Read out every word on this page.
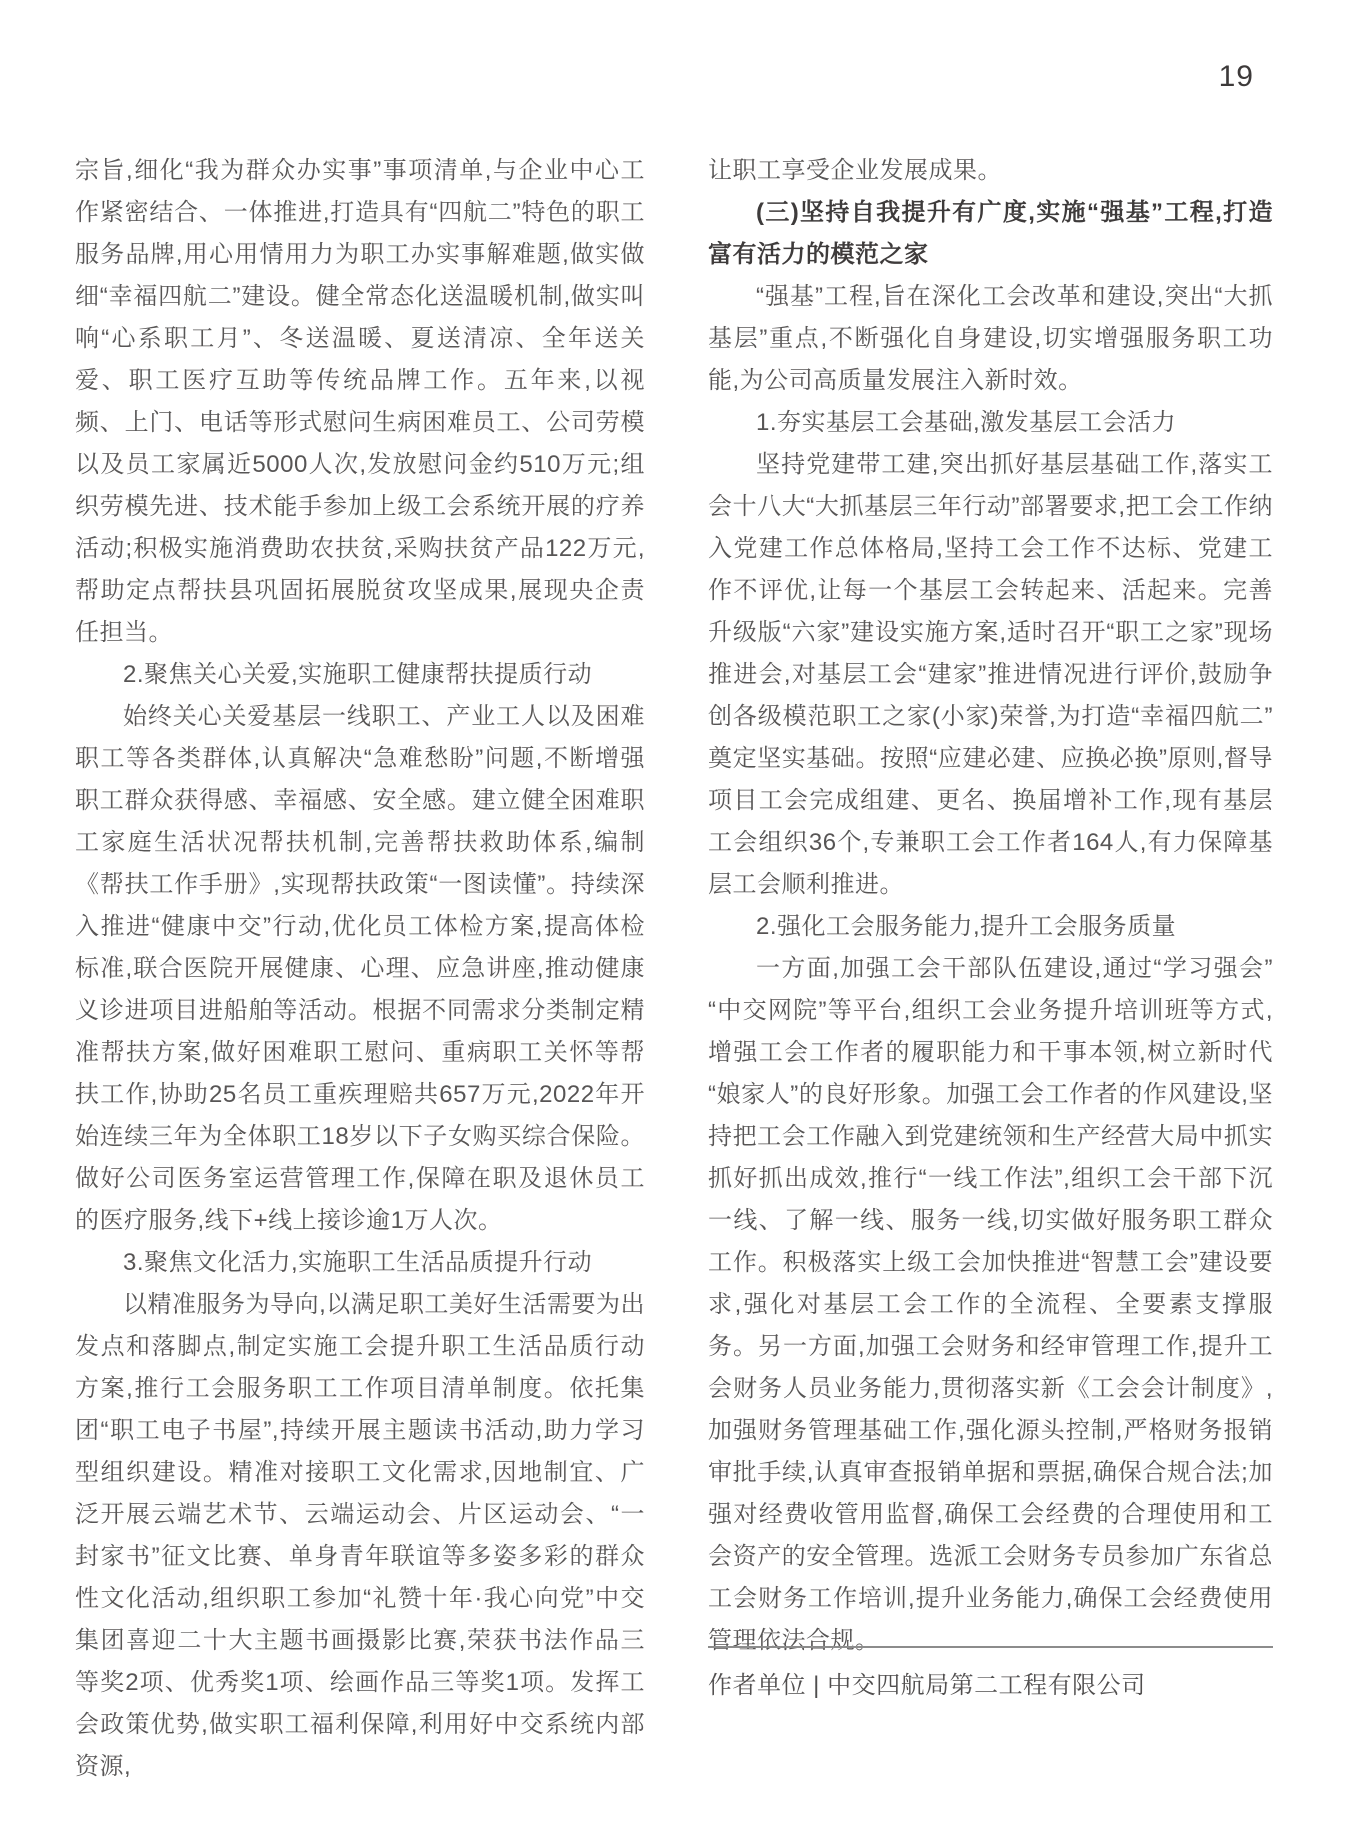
19

宗旨,细化“我为群众办实事”事项清单,与企业中心工作紧密结合、一体推进,打造具有“四航二”特色的职工服务品牌,用心用情用力为职工办实事解难题,做实做细“幸福四航二”建设。健全常态化送温暖机制,做实叫响“心系职工月”、冬送温暖、夏送清凉、全年送关爱、职工医疗互助等传统品牌工作。五年来,以视频、上门、电话等形式慰问生病困难员工、公司劳模以及员工家属近5000人次,发放慰问金约510万元;组织劳模先进、技术能手参加上级工会系统开展的疗养活动;积极实施消费助农扶贫,采购扶贫产品122万元,帮助定点帮扶县巩固拓展脱贫攻坚成果,展现央企责任担当。

2.聚焦关心关爱,实施职工健康帮扶提质行动

始终关心关爱基层一线职工、产业工人以及困难职工等各类群体,认真解决“急难愁盼”问题,不断增强职工群众获得感、幸福感、安全感。建立健全困难职工家庭生活状况帮扶机制,完善帮扶救助体系,编制《帮扶工作手册》,实现帮扶政策“一图读懂”。持续深入推进“健康中交”行动,优化员工体检方案,提高体检标准,联合医院开展健康、心理、应急讲座,推动健康义诊进项目进船舶等活动。根据不同需求分类制定精准帮扶方案,做好困难职工慰问、重病职工关怀等帮扶工作,协助25名员工重疾理赔共657万元,2022年开始连续三年为全体职工18岁以下子女购买综合保险。做好公司医务室运营管理工作,保障在职及退休员工的医疗服务,线下+线上接诊逾1万人次。

3.聚焦文化活力,实施职工生活品质提升行动

以精准服务为导向,以满足职工美好生活需要为出发点和落脚点,制定实施工会提升职工生活品质行动方案,推行工会服务职工工作项目清单制度。依托集团“职工电子书屋”,持续开展主题读书活动,助力学习型组织建设。精准对接职工文化需求,因地制宜、广泛开展云端艺术节、云端运动会、片区运动会、“一封家书”征文比赛、单身青年联谊等多姿多彩的群众性文化活动,组织职工参加“礼赞十年·我心向党”中交集团喜迎二十大主题书画摄影比赛,荣获书法作品三等奖2项、优秀奖1项、绘画作品三等奖1项。发挥工会政策优势,做实职工福利保障,利用好中交系统内部资源,

让职工享受企业发展成果。

(三)坚持自我提升有广度,实施“强基”工程,打造富有活力的模范之家

“强基”工程,旨在深化工会改革和建设,突出“大抓基层”重点,不断强化自身建设,切实增强服务职工功能,为公司高质量发展注入新时效。

1.夯实基层工会基础,激发基层工会活力

坚持党建带工建,突出抓好基层基础工作,落实工会十八大“大抓基层三年行动”部署要求,把工会工作纳入党建工作总体格局,坚持工会工作不达标、党建工作不评优,让每一个基层工会转起来、活起来。完善升级版“六家”建设实施方案,适时召开“职工之家”现场推进会,对基层工会“建家”推进情况进行评价,鼓励争创各级模范职工之家(小家)荣誉,为打造“幸福四航二”奠定坚实基础。按照“应建必建、应换必换”原则,督导项目工会完成组建、更名、换届增补工作,现有基层工会组织36个,专兼职工会工作者164人,有力保障基层工会顺利推进。

2.强化工会服务能力,提升工会服务质量

一方面,加强工会干部队伍建设,通过“学习强会”“中交网院”等平台,组织工会业务提升培训班等方式,增强工会工作者的履职能力和干事本领,树立新时代“娘家人”的良好形象。加强工会工作者的作风建设,坚持把工会工作融入到党建统领和生产经营大局中抓实抓好抓出成效,推行“一线工作法”,组织工会干部下沉一线、了解一线、服务一线,切实做好服务职工群众工作。积极落实上级工会加快推进“智慧工会”建设要求,强化对基层工会工作的全流程、全要素支撑服务。另一方面,加强工会财务和经审管理工作,提升工会财务人员业务能力,贯彻落实新《工会会计制度》,加强财务管理基础工作,强化源头控制,严格财务报销审批手续,认真审查报销单据和票据,确保合规合法;加强对经费收管用监督,确保工会经费的合理使用和工会资产的安全管理。选派工会财务专员参加广东省总工会财务工作培训,提升业务能力,确保工会经费使用管理依法合规。

作者单位 | 中交四航局第二工程有限公司
